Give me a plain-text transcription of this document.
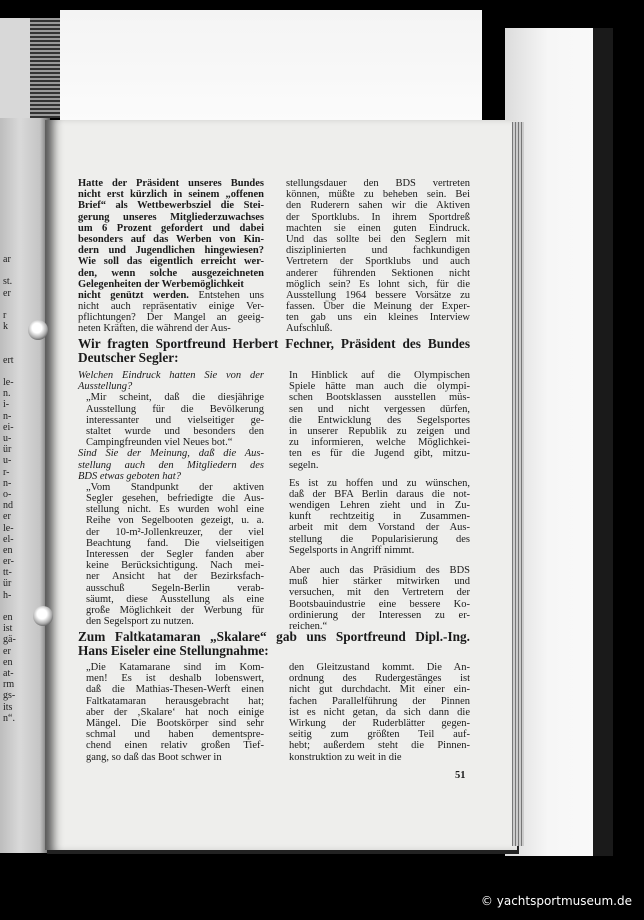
ar
st.
er
r
k
ert
le-
n.
i-
n-
ei-
u-
ür
u-
r-
n-
o-
nd
er
le-
el-
en
er-
tt-
ür
h-
en
ist
gä-
er
en
at-
rm
gs-
its
n“.
Hatte der Präsident unseres Bundes
nicht erst kürzlich in seinem „offenen
Brief“ als Wettbewerbsziel die Stei-
gerung unseres Mitgliederzuwachses
um 6 Prozent gefordert und dabei
besonders auf das Werben von Kin-
dern und Jugendlichen hingewiesen?
Wie soll das eigentlich erreicht wer-
den, wenn solche ausgezeichneten
Gelegenheiten der Werbemöglichkeit
nicht genützt werden. Entstehen uns
nicht auch repräsentativ einige Ver-
pflichtungen? Der Mangel an geeig-
neten Kräften, die während der Aus-
stellungsdauer den BDS vertreten
können, müßte zu beheben sein. Bei
den Ruderern sahen wir die Aktiven
der Sportklubs. In ihrem Sportdreß
machten sie einen guten Eindruck.
Und das sollte bei den Seglern mit
disziplinierten und fachkundigen
Vertretern der Sportklubs und auch
anderer führenden Sektionen nicht
möglich sein? Es lohnt sich, für die
Ausstellung 1964 bessere Vorsätze zu
fassen. Über die Meinung der Exper-
ten gab uns ein kleines Interview
Aufschluß.
Wir fragten Sportfreund Herbert Fechner, Präsident des Bundes
Deutscher Segler:
Welchen Eindruck hatten Sie von der
Ausstellung?
„Mir scheint, daß die diesjährige
Ausstellung für die Bevölkerung
interessanter und vielseitiger ge-
staltet wurde und besonders den
Campingfreunden viel Neues bot.“
Sind Sie der Meinung, daß die Aus-
stellung auch den Mitgliedern des
BDS etwas geboten hat?
„Vom Standpunkt der aktiven
Segler gesehen, befriedigte die Aus-
stellung nicht. Es wurden wohl eine
Reihe von Segelbooten gezeigt, u. a.
der 10-m²-Jollenkreuzer, der viel
Beachtung fand. Die vielseitigen
Interessen der Segler fanden aber
keine Berücksichtigung. Nach mei-
ner Ansicht hat der Bezirksfach-
ausschuß Segeln-Berlin verab-
säumt, diese Ausstellung als eine
große Möglichkeit der Werbung für
den Segelsport zu nutzen.
In Hinblick auf die Olympischen
Spiele hätte man auch die olympi-
schen Bootsklassen ausstellen müs-
sen und nicht vergessen dürfen,
die Entwicklung des Segelsportes
in unserer Republik zu zeigen und
zu informieren, welche Möglichkei-
ten es für die Jugend gibt, mitzu-
segeln.
Es ist zu hoffen und zu wünschen,
daß der BFA Berlin daraus die not-
wendigen Lehren zieht und in Zu-
kunft rechtzeitig in Zusammen-
arbeit mit dem Vorstand der Aus-
stellung die Popularisierung des
Segelsports in Angriff nimmt.
Aber auch das Präsidium des BDS
muß hier stärker mitwirken und
versuchen, mit den Vertretern der
Bootsbauindustrie eine bessere Ko-
ordinierung der Interessen zu er-
reichen.“
Zum Faltkatamaran „Skalare“ gab uns Sportfreund Dipl.-Ing.
Hans Eiseler eine Stellungnahme:
„Die Katamarane sind im Kom-
men! Es ist deshalb lobenswert,
daß die Mathias-Thesen-Werft einen
Faltkatamaran herausgebracht hat;
aber der ‚Skalare‘ hat noch einige
Mängel. Die Bootskörper sind sehr
schmal und haben dementspre-
chend einen relativ großen Tief-
gang, so daß das Boot schwer in
den Gleitzustand kommt. Die An-
ordnung des Rudergestänges ist
nicht gut durchdacht. Mit einer ein-
fachen Parallelführung der Pinnen
ist es nicht getan, da sich dann die
Wirkung der Ruderblätter gegen-
seitig zum größten Teil auf-
hebt; außerdem steht die Pinnen-
konstruktion zu weit in die
51
© yachtsportmuseum.de
